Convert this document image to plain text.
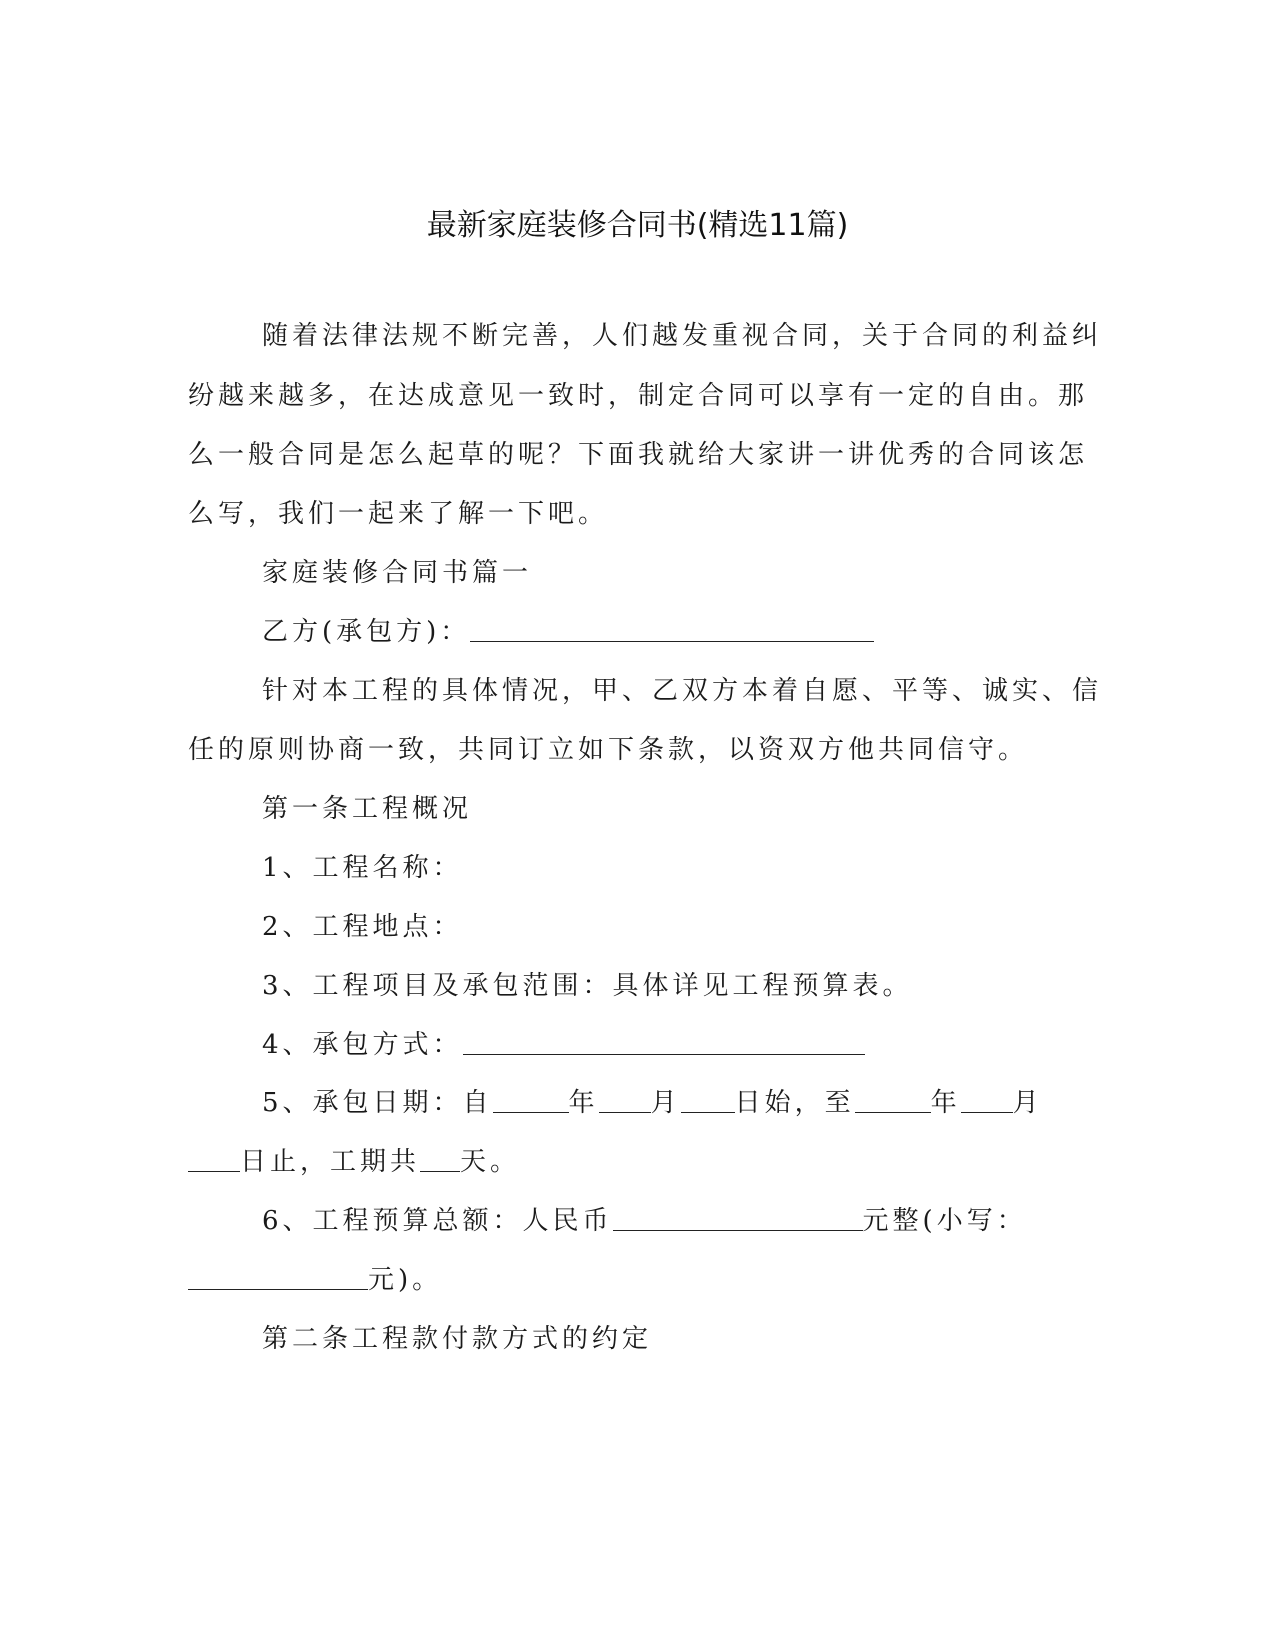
最新家庭装修合同书(精选11篇)
随着法律法规不断完善，人们越发重视合同，关于合同的利益纠
纷越来越多，在达成意见一致时，制定合同可以享有一定的自由。那
么一般合同是怎么起草的呢？下面我就给大家讲一讲优秀的合同该怎
么写，我们一起来了解一下吧。
家庭装修合同书篇一
乙方(承包方)：
针对本工程的具体情况，甲、乙双方本着自愿、平等、诚实、信
任的原则协商一致，共同订立如下条款，以资双方他共同信守。
第一条工程概况
1、工程名称：
2、工程地点：
3、工程项目及承包范围：具体详见工程预算表。
4、承包方式：
5、承包日期：自	年 月 日始，至	年 月
日止，工期共 天。
6、工程预算总额：人民币	元整(小写：
元)。
第二条工程款付款方式的约定
